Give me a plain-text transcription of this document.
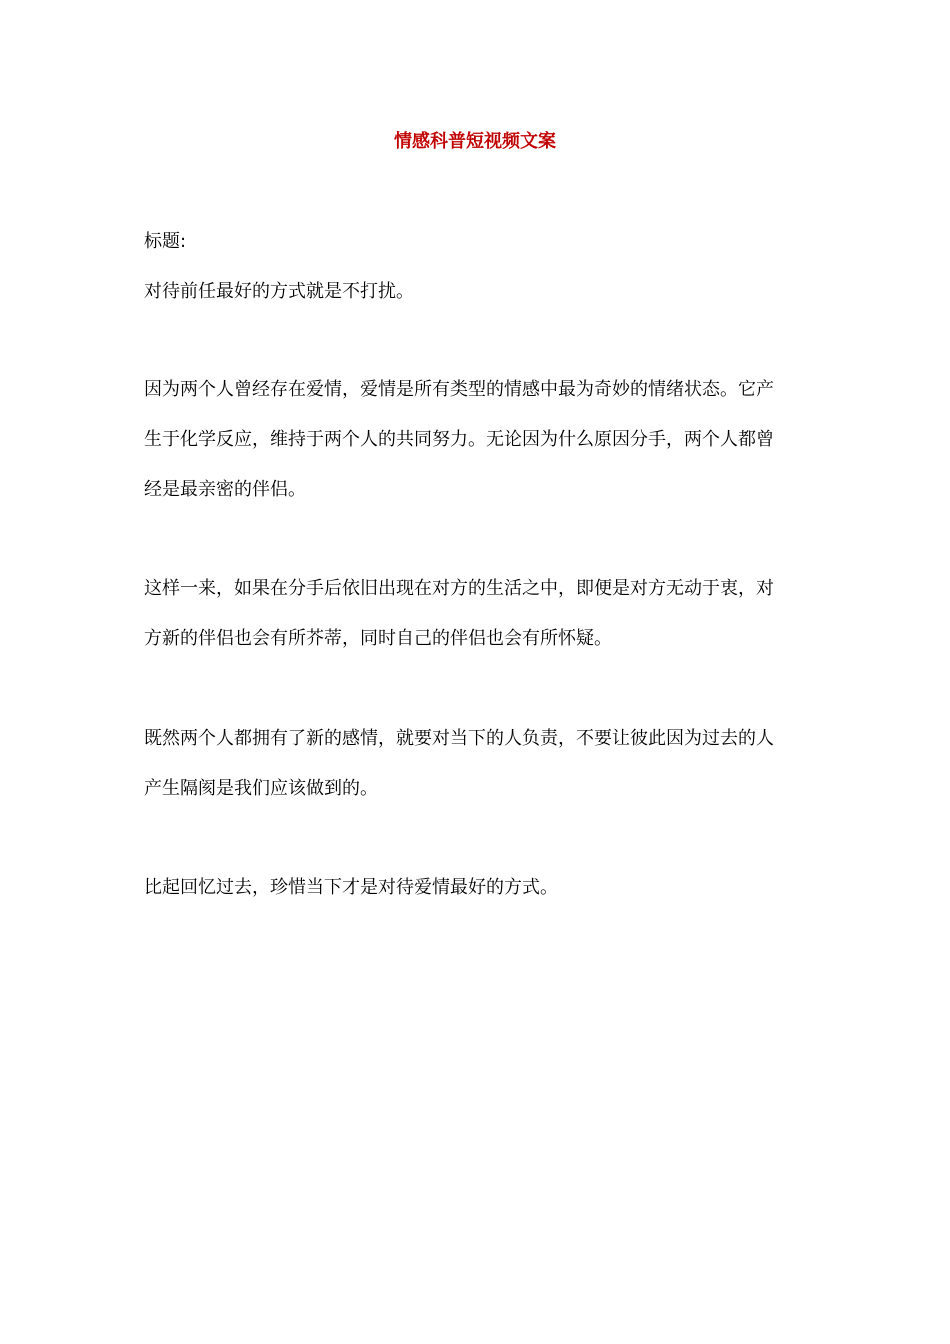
情感科普短视频文案
标题:
对待前任最好的方式就是不打扰。
因为两个人曾经存在爱情，爱情是所有类型的情感中最为奇妙的情绪状态。它产
生于化学反应，维持于两个人的共同努力。无论因为什么原因分手，两个人都曾
经是最亲密的伴侣。
这样一来，如果在分手后依旧出现在对方的生活之中，即便是对方无动于衷，对
方新的伴侣也会有所芥蒂，同时自己的伴侣也会有所怀疑。
既然两个人都拥有了新的感情，就要对当下的人负责，不要让彼此因为过去的人
产生隔阂是我们应该做到的。
比起回忆过去，珍惜当下才是对待爱情最好的方式。
